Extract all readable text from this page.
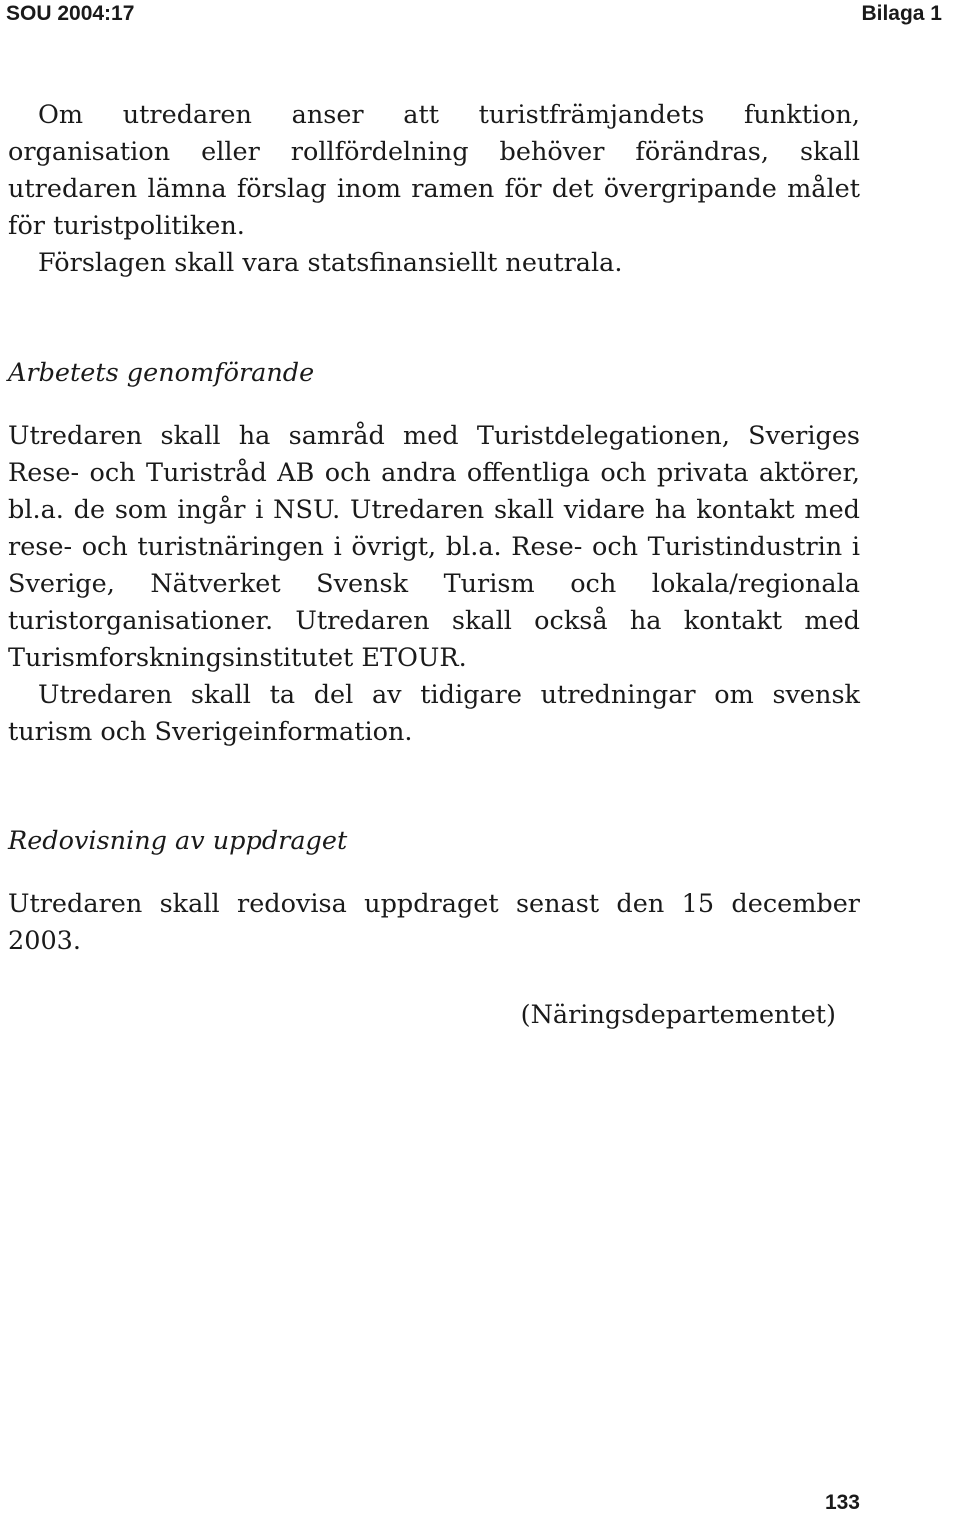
SOU 2004:17	Bilaga 1

Om utredaren anser att turistfrämjandets funktion, organisation eller rollfördelning behöver förändras, skall utredaren lämna förslag inom ramen för det övergripande målet för turistpolitiken.

Förslagen skall vara statsfinansiellt neutrala.

Arbetets genomförande

Utredaren skall ha samråd med Turistdelegationen, Sveriges Rese- och Turistråd AB och andra offentliga och privata aktörer, bl.a. de som ingår i NSU. Utredaren skall vidare ha kontakt med rese- och turistnäringen i övrigt, bl.a. Rese- och Turistindustrin i Sverige, Nätverket Svensk Turism och lokala/regionala turistorganisationer. Utredaren skall också ha kontakt med Turismforskningsinstitutet ETOUR.

Utredaren skall ta del av tidigare utredningar om svensk turism och Sverigeinformation.

Redovisning av uppdraget

Utredaren skall redovisa uppdraget senast den 15 december 2003.

(Näringsdepartementet)
133
